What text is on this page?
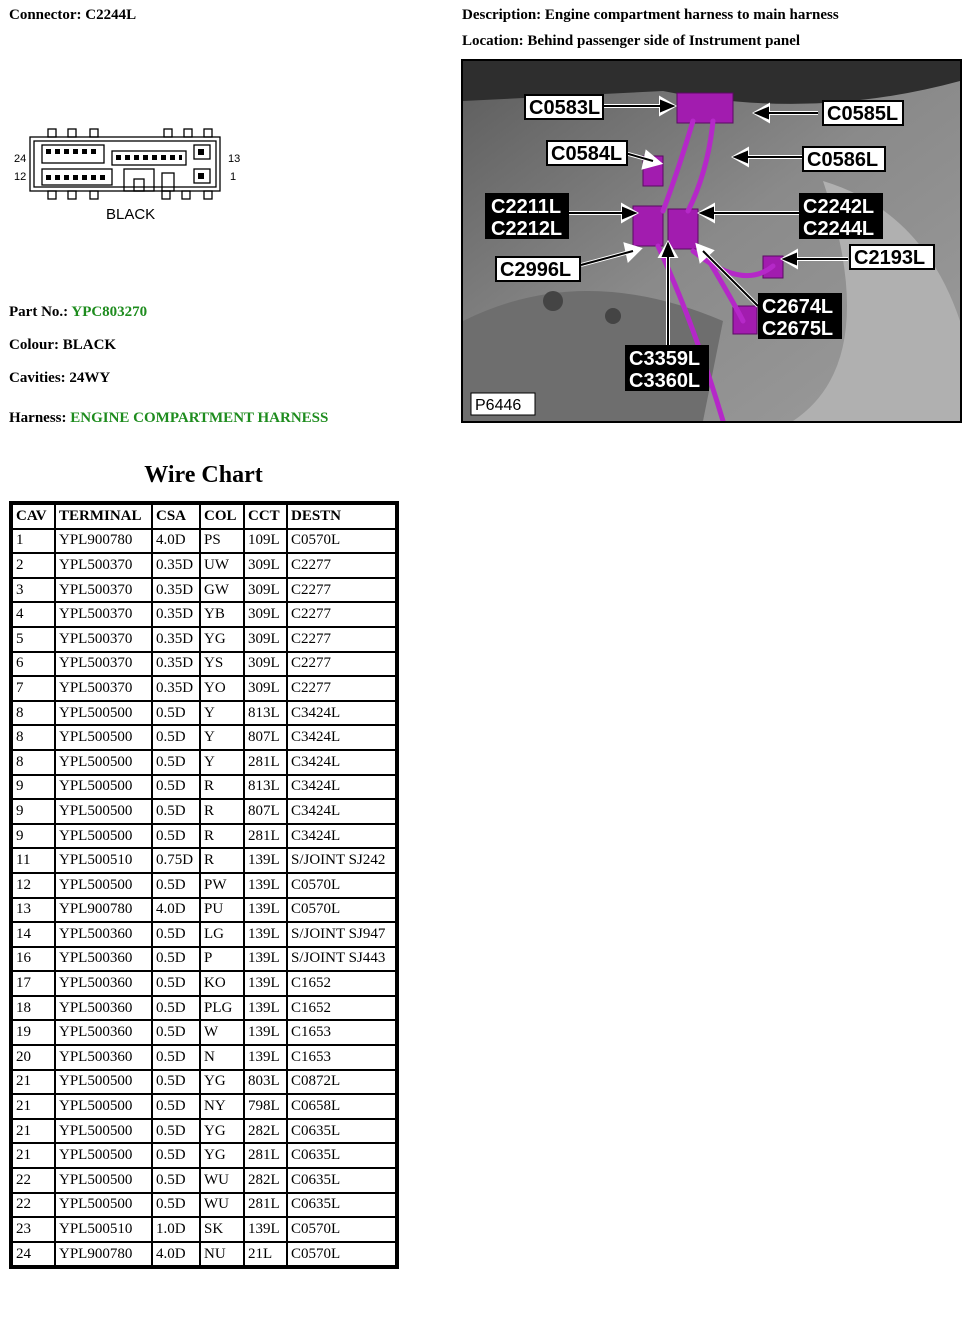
Connector: C2244L	Description: Engine compartment harness to main harness
Location: Behind passenger side of Instrument panel
24
12
13
1
BLACK
C0583L	C0585L
C0584L	C0586L
C2211L
C2212L
C2242L
C2244L
C2193L
C2996L
C2674L
C2675L
C3359L
C3360L
P6446
Part No.: YPC803270
Colour: BLACK
Cavities: 24WY
Harness: ENGINE COMPARTMENT HARNESS
Wire Chart
CAV	TERMINAL	CSA	COL	CCT	DESTN
1	YPL900780	4.0D	PS	109L	C0570L
2	YPL500370	0.35D	UW	309L	C2277
3	YPL500370	0.35D	GW	309L	C2277
4	YPL500370	0.35D	YB	309L	C2277
5	YPL500370	0.35D	YG	309L	C2277
6	YPL500370	0.35D	YS	309L	C2277
7	YPL500370	0.35D	YO	309L	C2277
8	YPL500500	0.5D	Y	813L	C3424L
8	YPL500500	0.5D	Y	807L	C3424L
8	YPL500500	0.5D	Y	281L	C3424L
9	YPL500500	0.5D	R	813L	C3424L
9	YPL500500	0.5D	R	807L	C3424L
9	YPL500500	0.5D	R	281L	C3424L
11	YPL500510	0.75D	R	139L	S/JOINT SJ242
12	YPL500500	0.5D	PW	139L	C0570L
13	YPL900780	4.0D	PU	139L	C0570L
14	YPL500360	0.5D	LG	139L	S/JOINT SJ947
16	YPL500360	0.5D	P	139L	S/JOINT SJ443
17	YPL500360	0.5D	KO	139L	C1652
18	YPL500360	0.5D	PLG	139L	C1652
19	YPL500360	0.5D	W	139L	C1653
20	YPL500360	0.5D	N	139L	C1653
21	YPL500500	0.5D	YG	803L	C0872L
21	YPL500500	0.5D	NY	798L	C0658L
21	YPL500500	0.5D	YG	282L	C0635L
21	YPL500500	0.5D	YG	281L	C0635L
22	YPL500500	0.5D	WU	282L	C0635L
22	YPL500500	0.5D	WU	281L	C0635L
23	YPL500510	1.0D	SK	139L	C0570L
24	YPL900780	4.0D	NU	21L	C0570L
